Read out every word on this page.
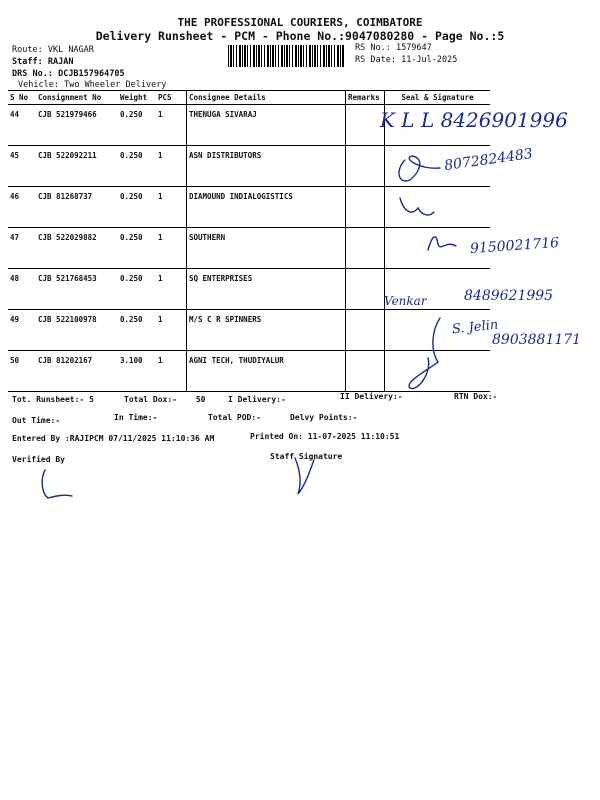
THE PROFESSIONAL COURIERS, COIMBATORE
Delivery Runsheet - PCM - Phone No.:9047080280 - Page No.:5
Route: VKL NAGAR
Staff: RAJAN
DRS No.: DCJB157964705
Vehicle: Two Wheeler Delivery
RS No.: 1579647
RS Date: 11-Jul-2025
S No	Consignment No	Weight	PCS	Consignee Details	Remarks	Seal & Signature
44	CJB 521979466	0.250	1	THENUGA SIVARAJ		
45	CJB 522092211	0.250	1	ASN DISTRIBUTORS		
46	CJB 81268737	0.250	1	DIAMOUND INDIALOGISTICS		
47	CJB 522029882	0.250	1	SOUTHERN		
48	CJB 521768453	0.250	1	SQ ENTERPRISES		
49	CJB 522100978	0.250	1	M/S C R SPINNERS		
50	CJB 81202167	3.100	1	AGNI TECH, THUDIYALUR		
K L L 8426901996
8072824483
9150021716
Venkar	8489621995
S. Jelin
8903881171
Tot. Runsheet:- 5	Total Dox:- 50	I Delivery:-	II Delivery:-	RTN Dox:-
Out Time:-	In Time:-	Total POD:-	Delvy Points:-
Entered By :RAJIPCM 07/11/2025 11:10:36 AM	Printed On: 11-07-2025 11:10:51
Verified By	Staff Signature
